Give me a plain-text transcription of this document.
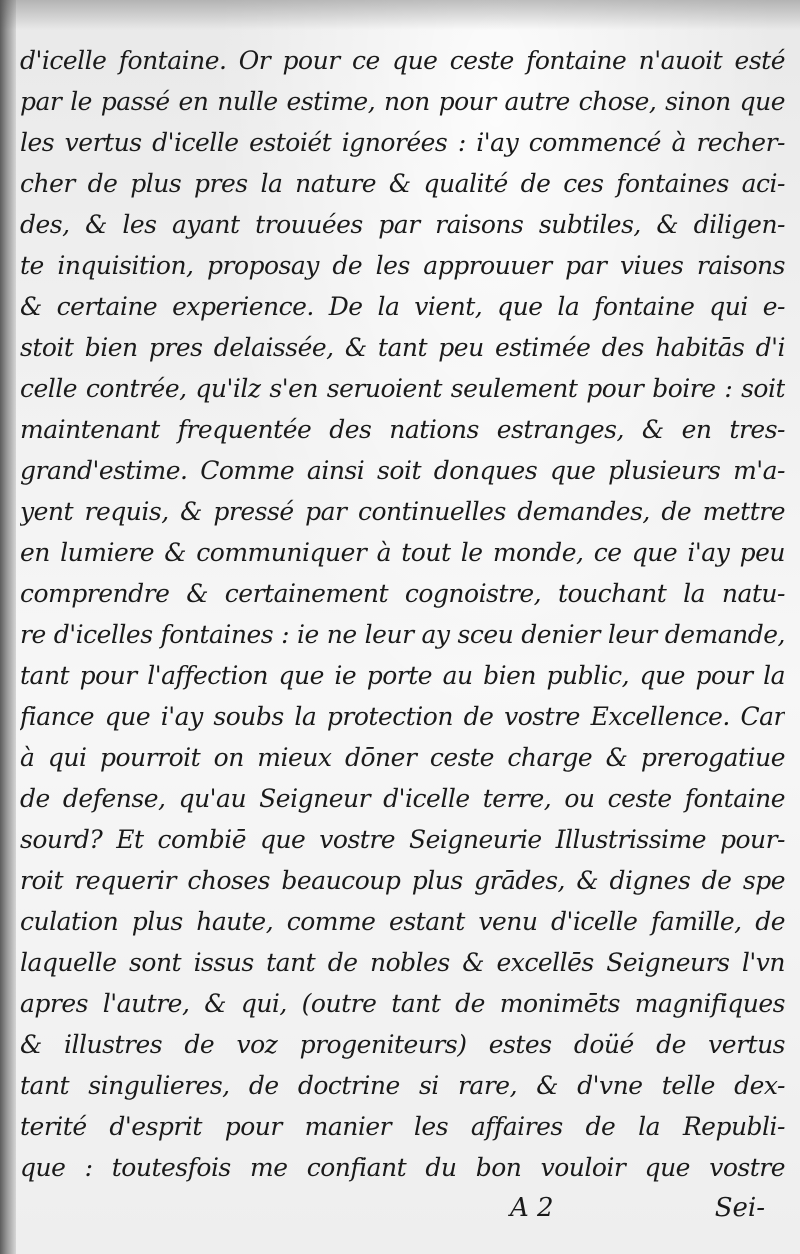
d'icelle fontaine. Or pour ce que ceste fontaine n'auoit esté
par le passé en nulle estime, non pour autre chose, sinon que
les vertus d'icelle estoiét ignorées : i'ay commencé à recher-
cher de plus pres la nature & qualité de ces fontaines aci-
des, & les ayant trouuées par raisons subtiles, & diligen-
te inquisition, proposay de les approuuer par viues raisons
& certaine experience. De la vient, que la fontaine qui e-
stoit bien pres delaissée, & tant peu estimée des habitās d'i
celle contrée, qu'ilz s'en seruoient seulement pour boire : soit
maintenant frequentée des nations estranges, & en tres-
grand'estime. Comme ainsi soit donques que plusieurs m'a-
yent requis, & pressé par continuelles demandes, de mettre
en lumiere & communiquer à tout le monde, ce que i'ay peu
comprendre & certainement cognoistre, touchant la natu-
re d'icelles fontaines : ie ne leur ay sceu denier leur demande,
tant pour l'affection que ie porte au bien public, que pour la
fiance que i'ay soubs la protection de vostre Excellence. Car
à qui pourroit on mieux dōner ceste charge & prerogatiue
de defense, qu'au Seigneur d'icelle terre, ou ceste fontaine
sourd? Et combiē que vostre Seigneurie Illustrissime pour-
roit requerir choses beaucoup plus grādes, & dignes de spe
culation plus haute, comme estant venu d'icelle famille, de
laquelle sont issus tant de nobles & excellēs Seigneurs l'vn
apres l'autre, & qui, (outre tant de monimēts magnifiques
& illustres de voz progeniteurs) estes doüé de vertus
tant singulieres, de doctrine si rare, & d'vne telle dex-
terité d'esprit pour manier les affaires de la Republi-
que : toutesfois me confiant du bon vouloir que vostre
A 2	Sei-
